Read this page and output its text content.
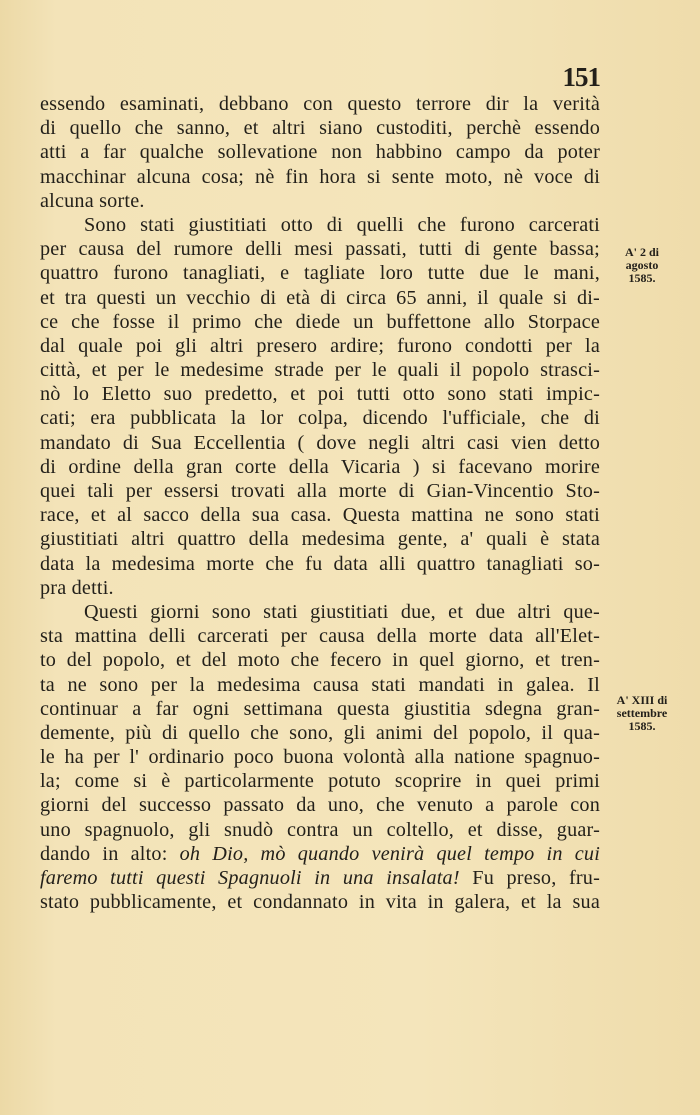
151
essendo esaminati, debbano con questo terrore dir la verità
di quello che sanno, et altri siano custoditi, perchè essendo
atti a far qualche sollevatione non habbino campo da poter
macchinar alcuna cosa; nè fin hora si sente moto, nè voce di
alcuna sorte.
Sono stati giustitiati otto di quelli che furono carcerati
per causa del rumore delli mesi passati, tutti di gente bassa;
quattro furono tanagliati, e tagliate loro tutte due le mani,
et tra questi un vecchio di età di circa 65 anni, il quale si di-
ce che fosse il primo che diede un buffettone allo Storpace
dal quale poi gli altri presero ardire; furono condotti per la
città, et per le medesime strade per le quali il popolo strasci-
nò lo Eletto suo predetto, et poi tutti otto sono stati impic-
cati; era pubblicata la lor colpa, dicendo l'ufficiale, che di
mandato di Sua Eccellentia ( dove negli altri casi vien detto
di ordine della gran corte della Vicaria ) si facevano morire
quei tali per essersi trovati alla morte di Gian-Vincentio Sto-
race, et al sacco della sua casa. Questa mattina ne sono stati
giustitiati altri quattro della medesima gente, a' quali è stata
data la medesima morte che fu data alli quattro tanagliati so-
pra detti.
Questi giorni sono stati giustitiati due, et due altri que-
sta mattina delli carcerati per causa della morte data all'Elet-
to del popolo, et del moto che fecero in quel giorno, et tren-
ta ne sono per la medesima causa stati mandati in galea. Il
continuar a far ogni settimana questa giustitia sdegna gran-
demente, più di quello che sono, gli animi del popolo, il qua-
le ha per l' ordinario poco buona volontà alla natione spagnuo-
la; come si è particolarmente potuto scoprire in quei primi
giorni del successo passato da uno, che venuto a parole con
uno spagnuolo, gli snudò contra un coltello, et disse, guar-
dando in alto: oh Dio, mò quando venirà quel tempo in cui
faremo tutti questi Spagnuoli in una insalata! Fu preso, fru-
stato pubblicamente, et condannato in vita in galera, et la sua
A' 2 di
agosto
1585.
A' XIII di
settembre
1585.
